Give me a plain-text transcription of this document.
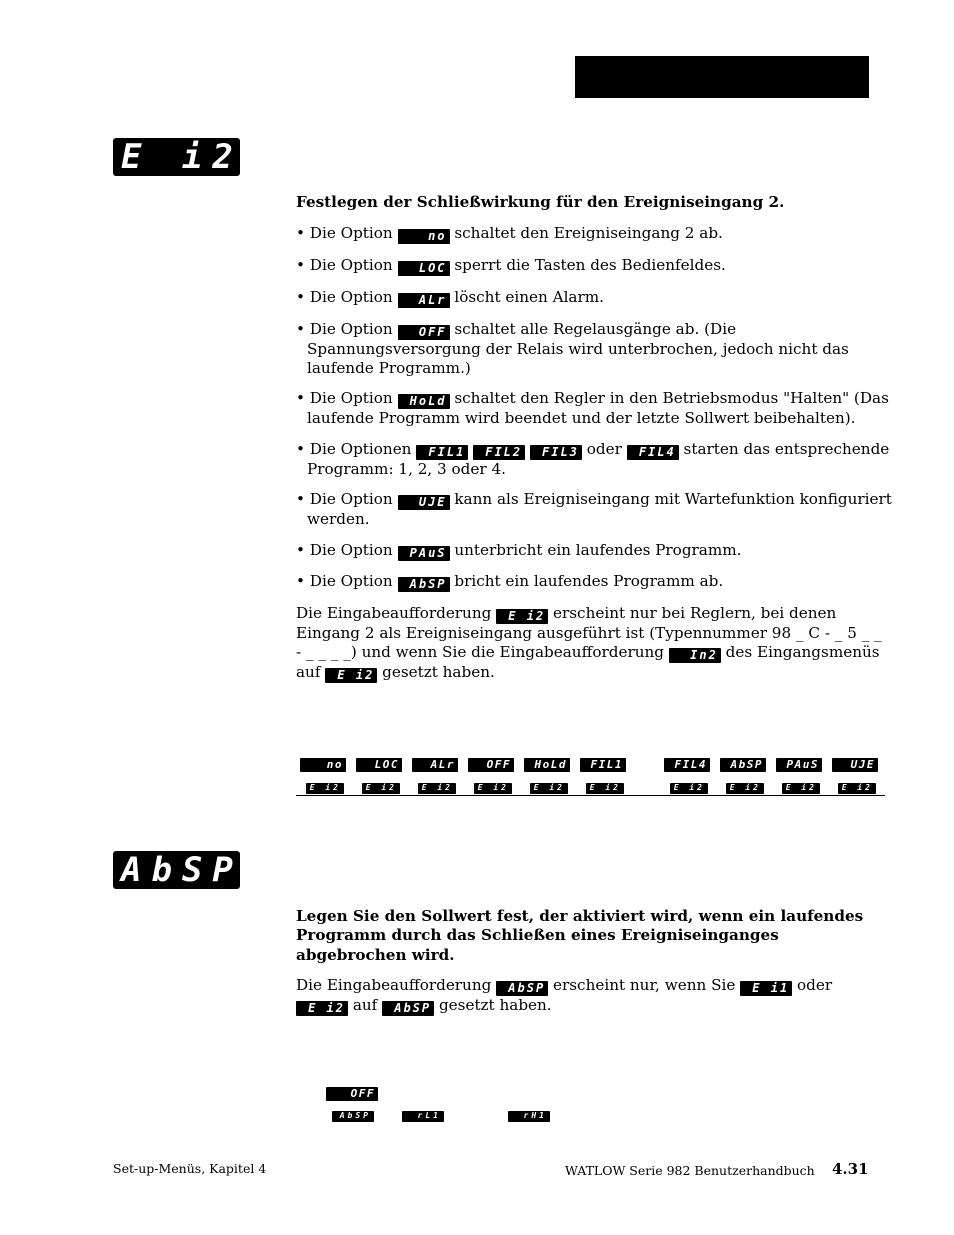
E i2

Festlegen der Schließwirkung für den Ereigniseingang 2.

• Die Option	no schaltet den Ereigniseingang 2 ab.

• Die Option LOC sperrt die Tasten des Bedienfeldes.

• Die Option ALr löscht einen Alarm.

• Die Option OFF schaltet alle Regelausgänge ab. (Die Spannungsversorgung der Relais wird unterbrochen, jedoch nicht das laufende Programm.)

• Die Option HoLd schaltet den Regler in den Betriebsmodus "Halten" (Das laufende Programm wird beendet und der letzte Sollwert beibehalten).

• Die Optionen FIL1 FIL2 FIL3 oder FIL4 starten das entsprechende Programm: 1, 2, 3 oder 4.

• Die Option UJE kann als Ereigniseingang mit Wartefunktion konfiguriert werden.

• Die Option PAuS unterbricht ein laufendes Programm.

• Die Option AbSP bricht ein laufendes Programm ab.

Die Eingabeaufforderung E i2 erscheint nur bei Reglern, bei denen Eingang 2 als Ereigniseingang ausgeführt ist (Typennummer 98 _ C - _ 5 _ _ - _ _ _ _) und wenn Sie die Eingabeaufforderung In2 des Eingangsmenüs auf E i2 gesetzt haben.

no	LOC	ALr	OFF	HoLd	FIL1	FIL4	AbSP	PAuS	UJE
E i2	E i2	E i2	E i2	E i2	E i2	E i2	E i2	E i2	E i2
AbSP

Legen Sie den Sollwert fest, der aktiviert wird, wenn ein laufendes Programm durch das Schließen eines Ereigniseinganges abgebrochen wird.

Die Eingabeaufforderung AbSP erscheint nur, wenn Sie E i1 oder E i2 auf AbSP gesetzt haben.

OFF
AbSP	rL1	rH1
Set-up-Menüs, Kapitel 4	WATLOW Serie 982 Benutzerhandbuch 4.31
